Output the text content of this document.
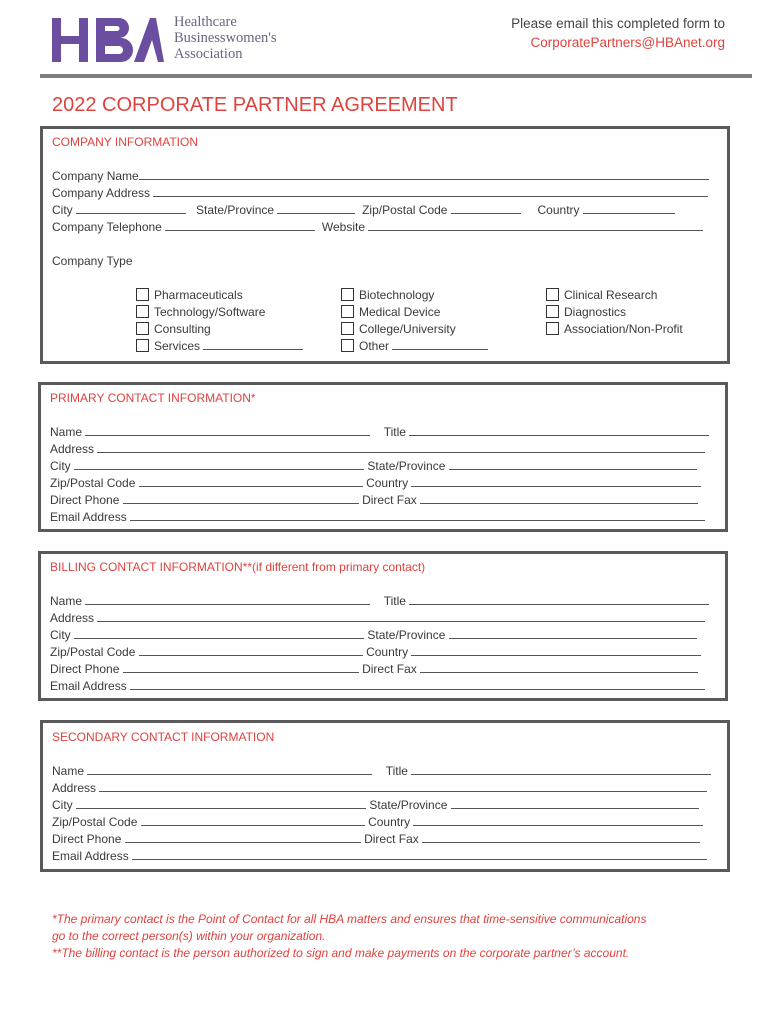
Healthcare
Businesswomen's
Association
Please email this completed form to
CorporatePartners@HBAnet.org
2022 CORPORATE PARTNER AGREEMENT
COMPANY INFORMATION
Company Name
Company Address
City	State/Province	Zip/Postal Code	Country
Company Telephone	Website
Company Type
Pharmaceuticals
Technology/Software
Consulting
Services
Biotechnology
Medical Device
College/University
Other
Clinical Research
Diagnostics
Association/Non-Profit
PRIMARY CONTACT INFORMATION*
Name	Title
Address
City	State/Province
Zip/Postal Code	Country
Direct Phone	Direct Fax
Email Address
BILLING CONTACT INFORMATION**(if different from primary contact)
Name	Title
Address
City	State/Province
Zip/Postal Code	Country
Direct Phone	Direct Fax
Email Address
SECONDARY CONTACT INFORMATION
Name	Title
Address
City	State/Province
Zip/Postal Code	Country
Direct Phone	Direct Fax
Email Address
*The primary contact is the Point of Contact for all HBA matters and ensures that time-sensitive communications
go to the correct person(s) within your organization.
**The billing contact is the person authorized to sign and make payments on the corporate partner’s account.
